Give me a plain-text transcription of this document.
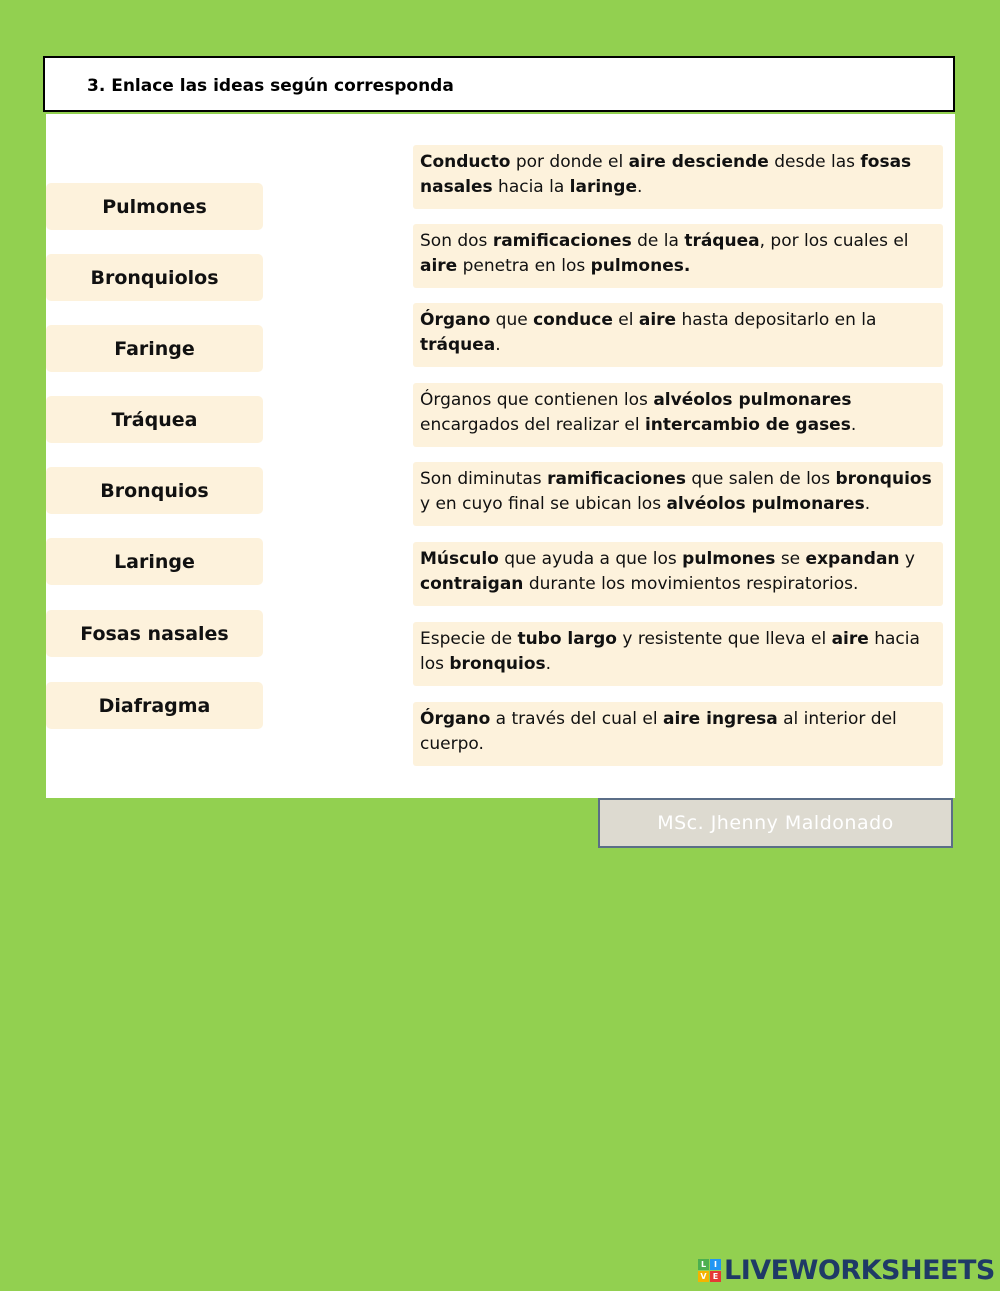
3. Enlace las ideas según corresponda
Pulmones
Bronquiolos
Faringe
Tráquea
Bronquios
Laringe
Fosas nasales
Diafragma
Conducto por donde el aire desciende desde las fosas nasales hacia la laringe.
Son dos ramificaciones de la tráquea, por los cuales el aire penetra en los pulmones.
Órgano que conduce el aire hasta depositarlo en la tráquea.
Órganos que contienen los alvéolos pulmonares encargados del realizar el intercambio de gases.
Son diminutas ramificaciones que salen de los bronquios y en cuyo final se ubican los alvéolos pulmonares.
Músculo que ayuda a que los pulmones se expandan y contraigan durante los movimientos respiratorios.
Especie de tubo largo y resistente que lleva el aire hacia los bronquios.
Órgano a través del cual el aire ingresa al interior del cuerpo.
MSc. Jhenny Maldonado
L I
V E LIVEWORKSHEETS
